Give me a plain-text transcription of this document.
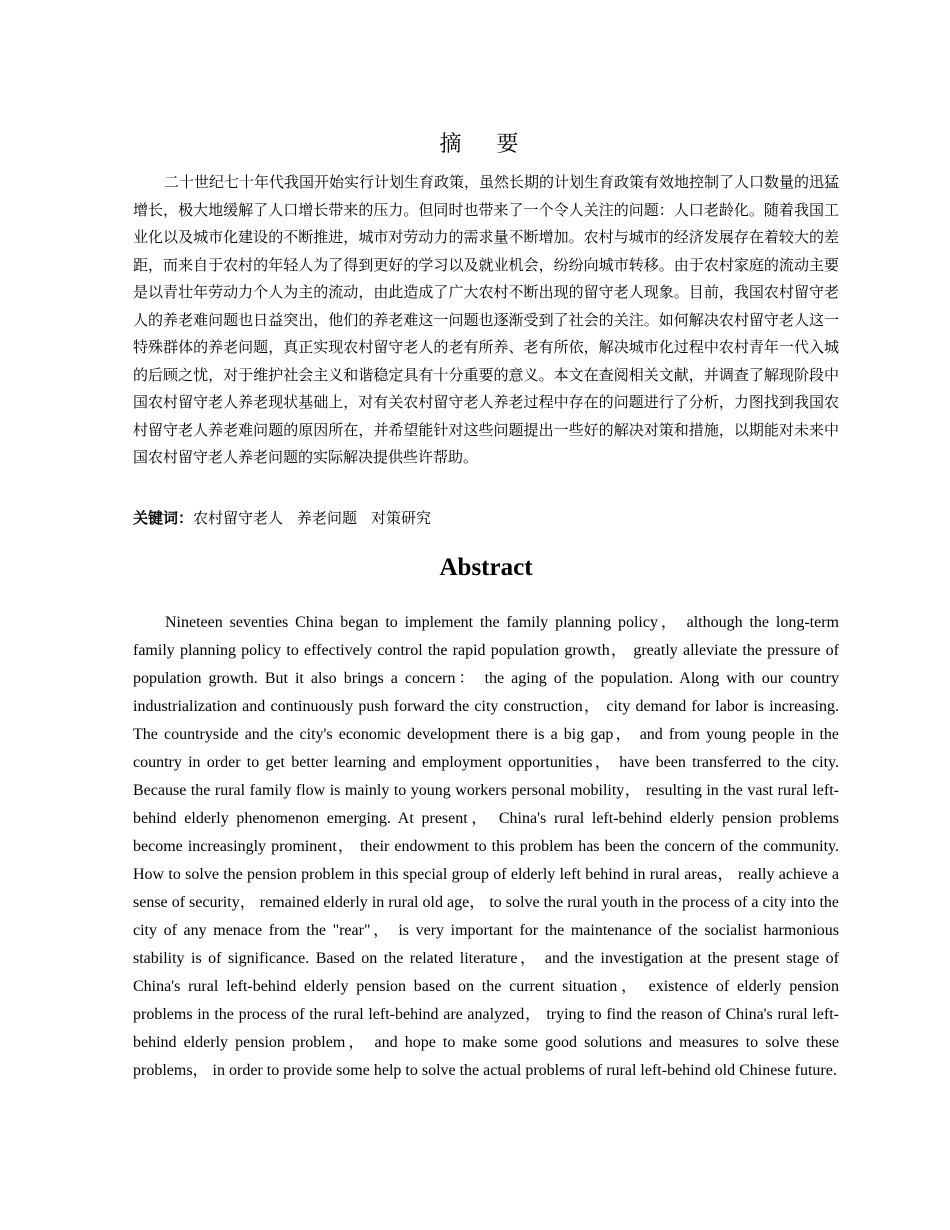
摘 要

二十世纪七十年代我国开始实行计划生育政策，虽然长期的计划生育政策有效地控制了人口数量的迅猛增长，极大地缓解了人口增长带来的压力。但同时也带来了一个令人关注的问题：人口老龄化。随着我国工业化以及城市化建设的不断推进，城市对劳动力的需求量不断增加。农村与城市的经济发展存在着较大的差距，而来自于农村的年轻人为了得到更好的学习以及就业机会，纷纷向城市转移。由于农村家庭的流动主要是以青壮年劳动力个人为主的流动，由此造成了广大农村不断出现的留守老人现象。目前，我国农村留守老人的养老难问题也日益突出，他们的养老难这一问题也逐渐受到了社会的关注。如何解决农村留守老人这一特殊群体的养老问题，真正实现农村留守老人的老有所养、老有所依，解决城市化过程中农村青年一代入城的后顾之忧，对于维护社会主义和谐稳定具有十分重要的意义。本文在查阅相关文献，并调查了解现阶段中国农村留守老人养老现状基础上，对有关农村留守老人养老过程中存在的问题进行了分析，力图找到我国农村留守老人养老难问题的原因所在，并希望能针对这些问题提出一些好的解决对策和措施，以期能对未来中国农村留守老人养老问题的实际解决提供些许帮助。

关键词：农村留守老人 养老问题 对策研究
Abstract

Nineteen seventies China began to implement the family planning policy， although the long-term family planning policy to effectively control the rapid population growth， greatly alleviate the pressure of population growth. But it also brings a concern： the aging of the population. Along with our country industrialization and continuously push forward the city construction， city demand for labor is increasing. The countryside and the city's economic development there is a big gap， and from young people in the country in order to get better learning and employment opportunities， have been transferred to the city. Because the rural family flow is mainly to young workers personal mobility， resulting in the vast rural left-behind elderly phenomenon emerging. At present， China's rural left-behind elderly pension problems become increasingly prominent， their endowment to this problem has been the concern of the community. How to solve the pension problem in this special group of elderly left behind in rural areas， really achieve a sense of security， remained elderly in rural old age， to solve the rural youth in the process of a city into the city of any menace from the "rear"， is very important for the maintenance of the socialist harmonious stability is of significance. Based on the related literature， and the investigation at the present stage of China's rural left-behind elderly pension based on the current situation， existence of elderly pension problems in the process of the rural left-behind are analyzed， trying to find the reason of China's rural left-behind elderly pension problem， and hope to make some good solutions and measures to solve these problems， in order to provide some help to solve the actual problems of rural left-behind old Chinese future.
